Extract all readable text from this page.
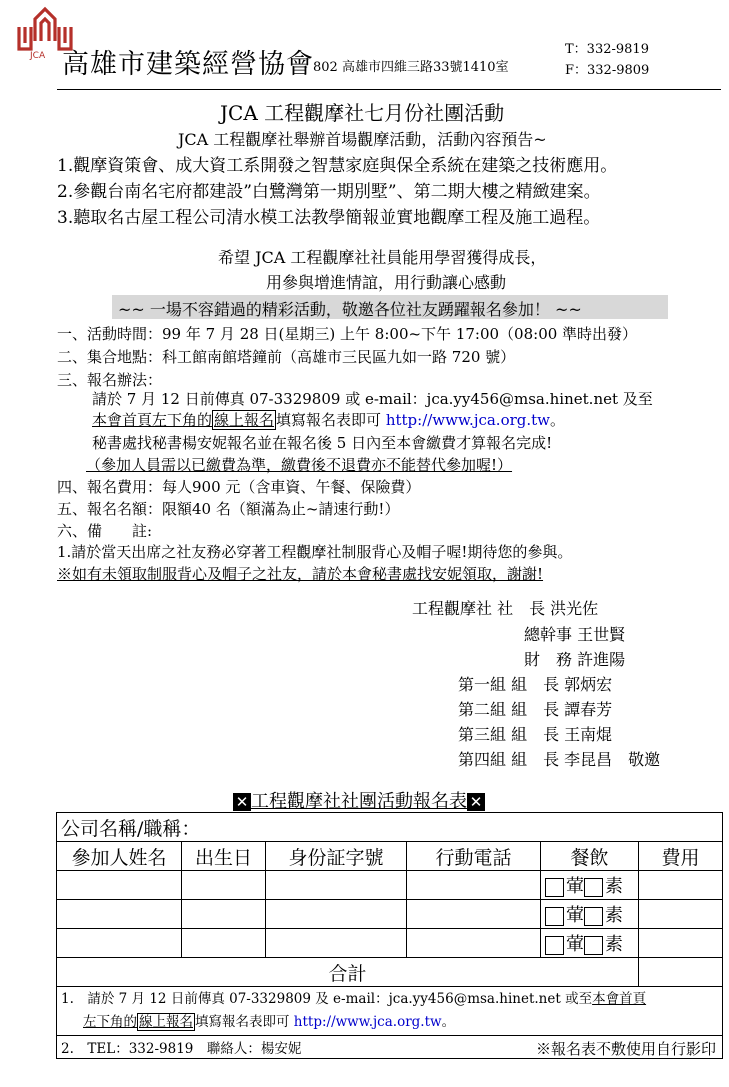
JCA 高雄市建築經營協會 802 高雄市四維三路33號1410室
T：332-9819
F：332-9809
JCA 工程觀摩社七月份社團活動
JCA 工程觀摩社舉辦首場觀摩活動，活動內容預告~
1.觀摩資策會、成大資工系開發之智慧家庭與保全系統在建築之技術應用。
2.參觀台南名宅府都建設”白鷺灣第一期別墅”、第二期大樓之精緻建案。
3.聽取名古屋工程公司清水模工法教學簡報並實地觀摩工程及施工過程。
希望 JCA 工程觀摩社社員能用學習獲得成長，
用參與增進情誼，用行動讓心感動
~~ 一場不容錯過的精彩活動，敬邀各位社友踴躍報名參加！ ~~
一、活動時間：99 年 7 月 28 日(星期三) 上午 8:00~下午 17:00（08:00 準時出發）
二、集合地點：科工館南館塔鐘前（高雄市三民區九如一路 720 號）
三、報名辦法：
請於 7 月 12 日前傳真 07-3329809 或 e-mail：jca.yy456@msa.hinet.net 及至
本會首頁左下角的 線上報名 填寫報名表即可 http://www.jca.org.tw。
秘書處找秘書楊安妮報名並在報名後 5 日內至本會繳費才算報名完成!
（參加人員需以已繳費為準，繳費後不退費亦不能替代參加喔!）
四、報名費用：每人900 元（含車資、午餐、保險費）
五、報名名額：限額40 名（額滿為止~請速行動!）
六、備　　註:
1.請於當天出席之社友務必穿著工程觀摩社制服背心及帽子喔!期待您的參與。
※如有未領取制服背心及帽子之社友，請於本會秘書處找安妮領取，謝謝!
工程觀摩社 社　長 洪光佐
總幹事 王世賢
財　務 許進陽
第一組 組　長 郭炳宏
第二組 組　長 譚春芳
第三組 組　長 王南焜
第四組 組　長 李昆昌　敬邀
✕ 工程觀摩社社團活動報名表 ✕
公司名稱/職稱：					
參加人姓名	出生日	身份証字號	行動電話	餐飲	費用
				葷 素	
				葷 素	
				葷 素	
合計					
1.　請於 7 月 12 日前傳真 07-3329809 及 e-mail：jca.yy456@msa.hinet.net 或至本會首頁
左下角的 線上報名 填寫報名表即可 http://www.jca.org.tw。					
2.　TEL：332-9819　聯絡人：楊安妮 ※報名表不敷使用自行影印					
